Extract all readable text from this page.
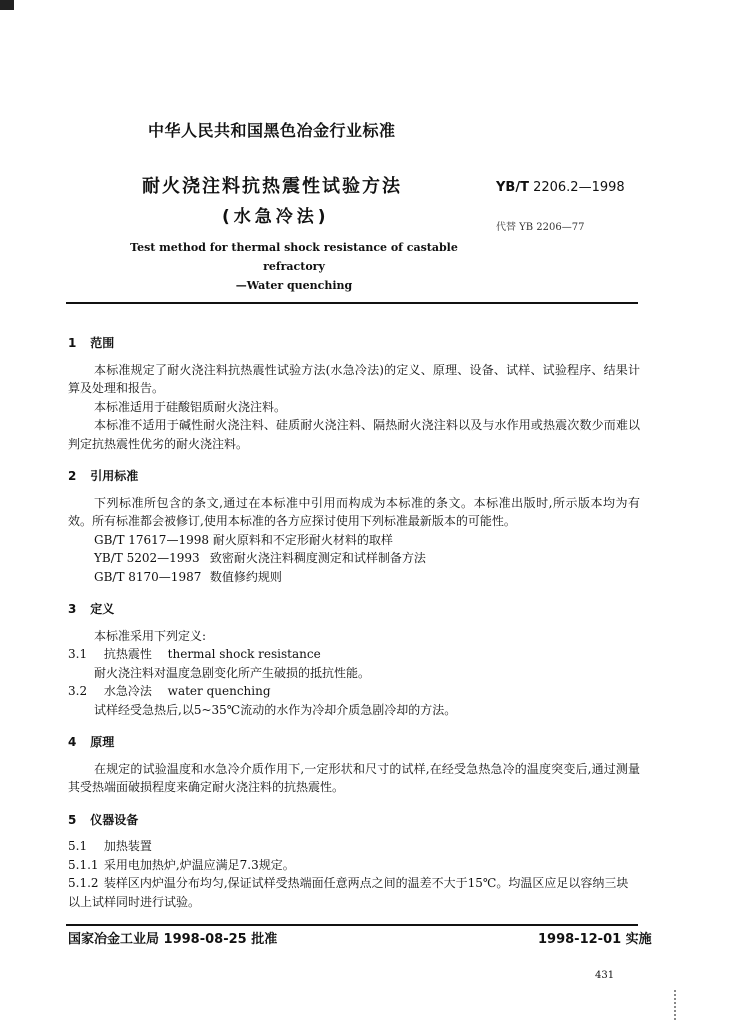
中华人民共和国黑色冶金行业标准
耐火浇注料抗热震性试验方法
(水急冷法)
YB/T 2206.2—1998
代替 YB 2206—77
Test method for thermal shock resistance of castable refractory
—Water quenching
1 范围

本标准规定了耐火浇注料抗热震性试验方法(水急冷法)的定义、原理、设备、试样、试验程序、结果计算及处理和报告。

本标准适用于硅酸铝质耐火浇注料。

本标准不适用于碱性耐火浇注料、硅质耐火浇注料、隔热耐火浇注料以及与水作用或热震次数少而难以判定抗热震性优劣的耐火浇注料。

2 引用标准

下列标准所包含的条文,通过在本标准中引用而构成为本标准的条文。本标准出版时,所示版本均为有效。所有标准都会被修订,使用本标准的各方应探讨使用下列标准最新版本的可能性。

GB/T 17617—1998 耐火原料和不定形耐火材料的取样

YB/T 5202—1993 致密耐火浇注料稠度测定和试样制备方法

GB/T 8170—1987 数值修约规则

3 定义

本标准采用下列定义:

3.1 抗热震性 thermal shock resistance

耐火浇注料对温度急剧变化所产生破损的抵抗性能。

3.2 水急冷法 water quenching

试样经受急热后,以5~35℃流动的水作为冷却介质急剧冷却的方法。

4 原理

在规定的试验温度和水急冷介质作用下,一定形状和尺寸的试样,在经受急热急冷的温度突变后,通过测量其受热端面破损程度来确定耐火浇注料的抗热震性。

5 仪器设备

5.1 加热装置

5.1.1 采用电加热炉,炉温应满足7.3规定。

5.1.2 装样区内炉温分布均匀,保证试样受热端面任意两点之间的温差不大于15℃。均温区应足以容纳三块以上试样同时进行试验。

国家冶金工业局 1998-08-25 批准	1998-12-01 实施
431
